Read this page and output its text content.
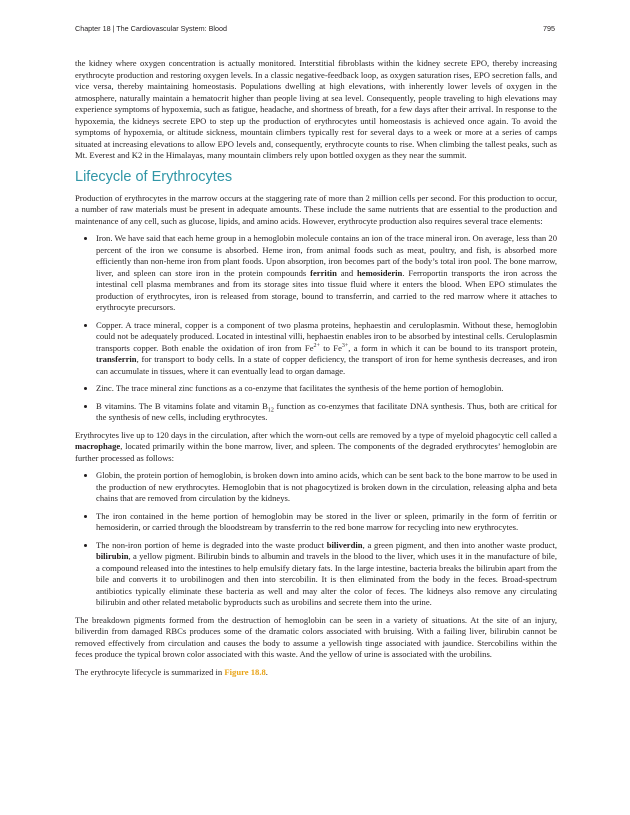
Chapter 18 | The Cardiovascular System: Blood	795

the kidney where oxygen concentration is actually monitored. Interstitial fibroblasts within the kidney secrete EPO, thereby increasing erythrocyte production and restoring oxygen levels. In a classic negative-feedback loop, as oxygen saturation rises, EPO secretion falls, and vice versa, thereby maintaining homeostasis. Populations dwelling at high elevations, with inherently lower levels of oxygen in the atmosphere, naturally maintain a hematocrit higher than people living at sea level. Consequently, people traveling to high elevations may experience symptoms of hypoxemia, such as fatigue, headache, and shortness of breath, for a few days after their arrival. In response to the hypoxemia, the kidneys secrete EPO to step up the production of erythrocytes until homeostasis is achieved once again. To avoid the symptoms of hypoxemia, or altitude sickness, mountain climbers typically rest for several days to a week or more at a series of camps situated at increasing elevations to allow EPO levels and, consequently, erythrocyte counts to rise. When climbing the tallest peaks, such as Mt. Everest and K2 in the Himalayas, many mountain climbers rely upon bottled oxygen as they near the summit.

Lifecycle of Erythrocytes

Production of erythrocytes in the marrow occurs at the staggering rate of more than 2 million cells per second. For this production to occur, a number of raw materials must be present in adequate amounts. These include the same nutrients that are essential to the production and maintenance of any cell, such as glucose, lipids, and amino acids. However, erythrocyte production also requires several trace elements:

• Iron. We have said that each heme group in a hemoglobin molecule contains an ion of the trace mineral iron. On average, less than 20 percent of the iron we consume is absorbed. Heme iron, from animal foods such as meat, poultry, and fish, is absorbed more efficiently than non-heme iron from plant foods. Upon absorption, iron becomes part of the body’s total iron pool. The bone marrow, liver, and spleen can store iron in the protein compounds ferritin and hemosiderin. Ferroportin transports the iron across the intestinal cell plasma membranes and from its storage sites into tissue fluid where it enters the blood. When EPO stimulates the production of erythrocytes, iron is released from storage, bound to transferrin, and carried to the red marrow where it attaches to erythrocyte precursors.
• Copper. A trace mineral, copper is a component of two plasma proteins, hephaestin and ceruloplasmin. Without these, hemoglobin could not be adequately produced. Located in intestinal villi, hephaestin enables iron to be absorbed by intestinal cells. Ceruloplasmin transports copper. Both enable the oxidation of iron from $Fe^{2+}$ to $Fe^{3+}$, a form in which it can be bound to its transport protein, transferrin, for transport to body cells. In a state of copper deficiency, the transport of iron for heme synthesis decreases, and iron can accumulate in tissues, where it can eventually lead to organ damage.
• Zinc. The trace mineral zinc functions as a co-enzyme that facilitates the synthesis of the heme portion of hemoglobin.
• B vitamins. The B vitamins folate and vitamin $B_{12}$ function as co-enzymes that facilitate DNA synthesis. Thus, both are critical for the synthesis of new cells, including erythrocytes.

Erythrocytes live up to 120 days in the circulation, after which the worn-out cells are removed by a type of myeloid phagocytic cell called a macrophage, located primarily within the bone marrow, liver, and spleen. The components of the degraded erythrocytes’ hemoglobin are further processed as follows:

• Globin, the protein portion of hemoglobin, is broken down into amino acids, which can be sent back to the bone marrow to be used in the production of new erythrocytes. Hemoglobin that is not phagocytized is broken down in the circulation, releasing alpha and beta chains that are removed from circulation by the kidneys.
• The iron contained in the heme portion of hemoglobin may be stored in the liver or spleen, primarily in the form of ferritin or hemosiderin, or carried through the bloodstream by transferrin to the red bone marrow for recycling into new erythrocytes.
• The non-iron portion of heme is degraded into the waste product biliverdin, a green pigment, and then into another waste product, bilirubin, a yellow pigment. Bilirubin binds to albumin and travels in the blood to the liver, which uses it in the manufacture of bile, a compound released into the intestines to help emulsify dietary fats. In the large intestine, bacteria breaks the bilirubin apart from the bile and converts it to urobilinogen and then into stercobilin. It is then eliminated from the body in the feces. Broad-spectrum antibiotics typically eliminate these bacteria as well and may alter the color of feces. The kidneys also remove any circulating bilirubin and other related metabolic byproducts such as urobilins and secrete them into the urine.

The breakdown pigments formed from the destruction of hemoglobin can be seen in a variety of situations. At the site of an injury, biliverdin from damaged RBCs produces some of the dramatic colors associated with bruising. With a failing liver, bilirubin cannot be removed effectively from circulation and causes the body to assume a yellowish tinge associated with jaundice. Stercobilins within the feces produce the typical brown color associated with this waste. And the yellow of urine is associated with the urobilins.

The erythrocyte lifecycle is summarized in Figure 18.8.
